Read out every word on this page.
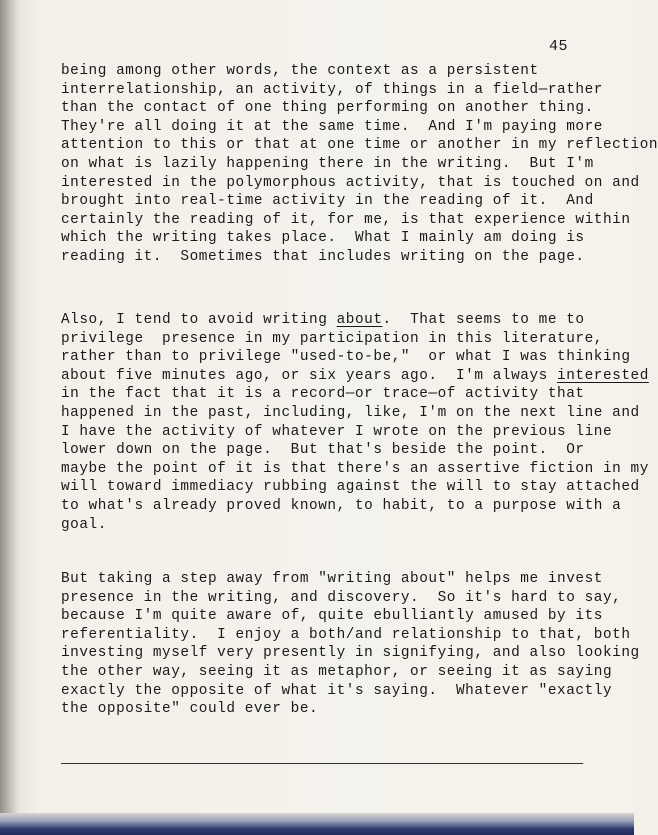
45
being among other words, the context as a persistent
interrelationship, an activity, of things in a field—rather
than the contact of one thing performing on another thing.
They're all doing it at the same time.  And I'm paying more
attention to this or that at one time or another in my reflection
on what is lazily happening there in the writing.  But I'm
interested in the polymorphous activity, that is touched on and
brought into real-time activity in the reading of it.  And
certainly the reading of it, for me, is that experience within
which the writing takes place.  What I mainly am doing is
reading it.  Sometimes that includes writing on the page.
Also, I tend to avoid writing about.  That seems to me to
privilege  presence in my participation in this literature,
rather than to privilege "used-to-be,"  or what I was thinking
about five minutes ago, or six years ago.  I'm always interested
in the fact that it is a record—or trace—of activity that
happened in the past, including, like, I'm on the next line and
I have the activity of whatever I wrote on the previous line
lower down on the page.  But that's beside the point.  Or
maybe the point of it is that there's an assertive fiction in my
will toward immediacy rubbing against the will to stay attached
to what's already proved known, to habit, to a purpose with a
goal.
But taking a step away from "writing about" helps me invest
presence in the writing, and discovery.  So it's hard to say,
because I'm quite aware of, quite ebulliantly amused by its
referentiality.  I enjoy a both/and relationship to that, both
investing myself very presently in signifying, and also looking
the other way, seeing it as metaphor, or seeing it as saying
exactly the opposite of what it's saying.  Whatever "exactly
the opposite" could ever be.
